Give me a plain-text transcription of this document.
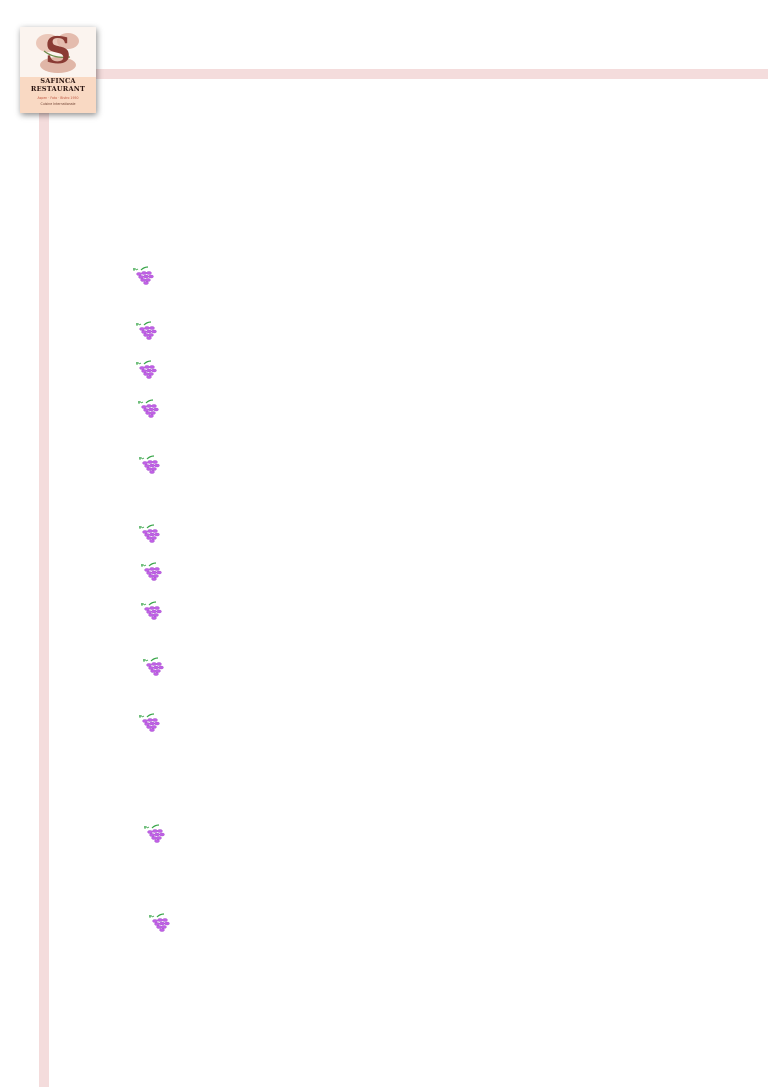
S
SAFINCA
RESTAURANT
Aspen · Foto · Bistro 1950
Cuisine Internationale
